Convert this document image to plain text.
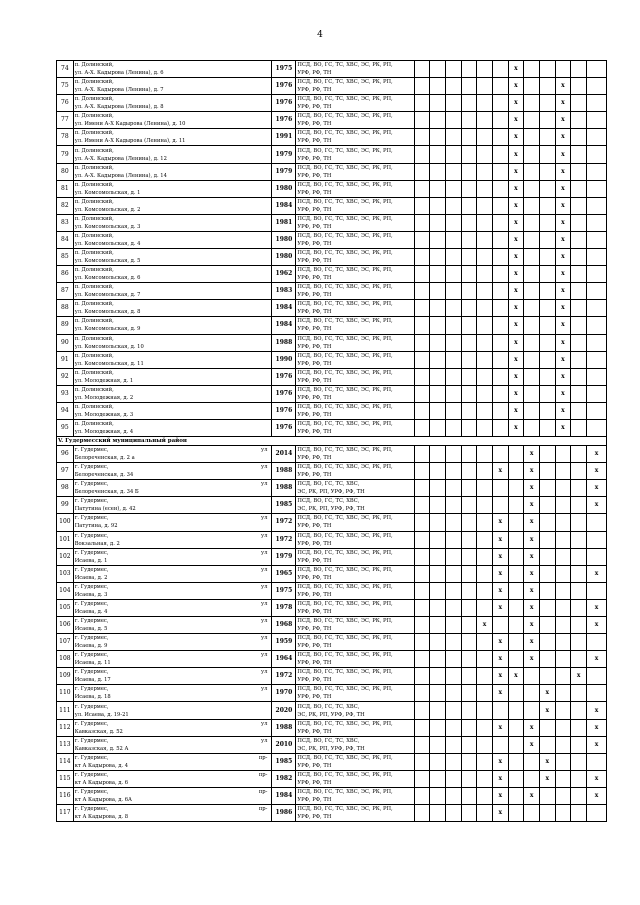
4
74	п. Долинский,
ул. А-Х. Кадырова (Ленина), д. 6	1975	ПСД, ВО, ГС, ТС, ХВС, ЭС, РК, РП,
УРФ, РФ, ТН							х					
75	п. Долинский,
ул. А-Х. Кадырова (Ленина), д. 7	1976	ПСД, ВО, ГС, ТС, ХВС, ЭС, РК, РП,
УРФ, РФ, ТН							х			х		
76	п. Долинский,
ул. А-Х. Кадырова (Ленина), д. 8	1976	ПСД, ВО, ГС, ТС, ХВС, ЭС, РК, РП,
УРФ, РФ, ТН							х			х		
77	п. Долинский,
ул. Имени А-Х Кадырова (Ленина), д. 10	1976	ПСД, ВО, ГС, ТС, ХВС, ЭС, РК, РП,
УРФ, РФ, ТН							х			х		
78	п. Долинский,
ул. Имени А-Х Кадырова (Ленина), д. 11	1991	ПСД, ВО, ГС, ТС, ХВС, ЭС, РК, РП,
УРФ, РФ, ТН							х			х		
79	п. Долинский,
ул. А-Х. Кадырова (Ленина), д. 12	1979	ПСД, ВО, ГС, ТС, ХВС, ЭС, РК, РП,
УРФ, РФ, ТН							х			х		
80	п. Долинский,
ул. А-Х. Кадырова (Ленина), д. 14	1979	ПСД, ВО, ГС, ТС, ХВС, ЭС, РК, РП,
УРФ, РФ, ТН							х			х		
81	п. Долинский,
ул. Комсомольская, д. 1	1980	ПСД, ВО, ГС, ТС, ХВС, ЭС, РК, РП,
УРФ, РФ, ТН							х			х		
82	п. Долинский,
ул. Комсомольская, д. 2	1984	ПСД, ВО, ГС, ТС, ХВС, ЭС, РК, РП,
УРФ, РФ, ТН							х			х		
83	п. Долинский,
ул. Комсомольская, д. 3	1981	ПСД, ВО, ГС, ТС, ХВС, ЭС, РК, РП,
УРФ, РФ, ТН							х			х		
84	п. Долинский,
ул. Комсомольская, д. 4	1980	ПСД, ВО, ГС, ТС, ХВС, ЭС, РК, РП,
УРФ, РФ, ТН							х			х		
85	п. Долинский,
ул. Комсомольская, д. 5	1980	ПСД, ВО, ГС, ТС, ХВС, ЭС, РК, РП,
УРФ, РФ, ТН							х			х		
86	п. Долинский,
ул. Комсомольская, д. 6	1962	ПСД, ВО, ГС, ТС, ХВС, ЭС, РК, РП,
УРФ, РФ, ТН							х			х		
87	п. Долинский,
ул. Комсомольская, д. 7	1983	ПСД, ВО, ГС, ТС, ХВС, ЭС, РК, РП,
УРФ, РФ, ТН							х			х		
88	п. Долинский,
ул. Комсомольская, д. 8	1984	ПСД, ВО, ГС, ТС, ХВС, ЭС, РК, РП,
УРФ, РФ, ТН							х			х		
89	п. Долинский,
ул. Комсомольская, д. 9	1984	ПСД, ВО, ГС, ТС, ХВС, ЭС, РК, РП,
УРФ, РФ, ТН							х			х		
90	п. Долинский,
ул. Комсомольская, д. 10	1988	ПСД, ВО, ГС, ТС, ХВС, ЭС, РК, РП,
УРФ, РФ, ТН							х			х		
91	п. Долинский,
ул. Комсомольская, д. 11	1990	ПСД, ВО, ГС, ТС, ХВС, ЭС, РК, РП,
УРФ, РФ, ТН							х			х		
92	п. Долинский,
ул. Молодежная, д. 1	1976	ПСД, ВО, ГС, ТС, ХВС, ЭС, РК, РП,
УРФ, РФ, ТН							х			х		
93	п. Долинский,
ул. Молодежная, д. 2	1976	ПСД, ВО, ГС, ТС, ХВС, ЭС, РК, РП,
УРФ, РФ, ТН							х			х		
94	п. Долинский,
ул. Молодежная, д. 3	1976	ПСД, ВО, ГС, ТС, ХВС, ЭС, РК, РП,
УРФ, РФ, ТН							х			х		
95	п. Долинский,
ул. Молодежная, д. 4	1976	ПСД, ВО, ГС, ТС, ХВС, ЭС, РК, РП,
УРФ, РФ, ТН							х			х		
V. Гудермесский муниципальный район															
96	ул
г. Гудермес,
Белореченская, д. 2 а	2014	ПСД, ВО, ГС, ТС, ХВС, ЭС, РК, РП,
УРФ, РФ, ТН								х				х
97	ул
г. Гудермес,
Белореченская, д. 34	1988	ПСД, ВО, ГС, ТС, ХВС, ЭС, РК, РП,
УРФ, РФ, ТН						х		х				х
98	ул
г. Гудермес,
Белореченская, д. 34 Б	1988	ПСД, ВО, ГС, ТС, ХВС,
ЭС, РК, РП, УРФ, РФ, ТН								х				х
99	г. Гудермес,
Патутина (есен), д. 42	1985	ПСД, ВО, ГС, ТС, ХВС,
ЭС, РК, РП, УРФ, РФ, ТН								х				х
100	ул
г. Гудермес,
Патутина, д. 92	1972	ПСД, ВО, ГС, ТС, ХВС, ЭС, РК, РП,
УРФ, РФ, ТН						х		х				
101	ул
г. Гудермес,
Вокзальная, д. 2	1972	ПСД, ВО, ГС, ТС, ХВС, ЭС, РК, РП,
УРФ, РФ, ТН						х		х				
102	ул
г. Гудермес,
Исаева, д. 1	1979	ПСД, ВО, ГС, ТС, ХВС, ЭС, РК, РП,
УРФ, РФ, ТН						х		х				
103	ул
г. Гудермес,
Исаева, д. 2	1965	ПСД, ВО, ГС, ТС, ХВС, ЭС, РК, РП,
УРФ, РФ, ТН						х		х				х
104	ул
г. Гудермес,
Исаева, д. 3	1975	ПСД, ВО, ГС, ТС, ХВС, ЭС, РК, РП,
УРФ, РФ, ТН						х		х				
105	ул
г. Гудермес,
Исаева, д. 4	1978	ПСД, ВО, ГС, ТС, ХВС, ЭС, РК, РП,
УРФ, РФ, ТН						х		х				х
106	ул
г. Гудермес,
Исаева, д. 5	1968	ПСД, ВО, ГС, ТС, ХВС, ЭС, РК, РП,
УРФ, РФ, ТН					х			х				х
107	ул
г. Гудермес,
Исаева, д. 9	1959	ПСД, ВО, ГС, ТС, ХВС, ЭС, РК, РП,
УРФ, РФ, ТН						х		х				
108	ул
г. Гудермес,
Исаева, д. 11	1964	ПСД, ВО, ГС, ТС, ХВС, ЭС, РК, РП,
УРФ, РФ, ТН						х		х				х
109	ул
г. Гудермес,
Исаева, д. 17	1972	ПСД, ВО, ГС, ТС, ХВС, ЭС, РК, РП,
УРФ, РФ, ТН						х	х				х	
110	ул
г. Гудермес,
Исаева, д. 18	1970	ПСД, ВО, ГС, ТС, ХВС, ЭС, РК, РП,
УРФ, РФ, ТН						х			х			
111	г. Гудермес,
ул. Исаева, д. 19-21	2020	ПСД, ВО, ГС, ТС, ХВС,
ЭС, РК, РП, УРФ, РФ, ТН									х			х
112	ул
г. Гудермес,
Кавказская, д. 52	1988	ПСД, ВО, ГС, ТС, ХВС, ЭС, РК, РП,
УРФ, РФ, ТН						х		х				х
113	ул
г. Гудермес,
Кавказская, д. 52 А	2010	ПСД, ВО, ГС, ТС, ХВС,
ЭС, РК, РП, УРФ, РФ, ТН								х				х
114	пр-
г. Гудермес,
кт А Кадырова, д. 4	1985	ПСД, ВО, ГС, ТС, ХВС, ЭС, РК, РП,
УРФ, РФ, ТН						х			х			
115	пр-
г. Гудермес,
кт А Кадырова, д. 6	1982	ПСД, ВО, ГС, ТС, ХВС, ЭС, РК, РП,
УРФ, РФ, ТН						х			х			х
116	пр-
г. Гудермес,
кт А Кадырова, д. 6А	1984	ПСД, ВО, ГС, ТС, ХВС, ЭС, РК, РП,
УРФ, РФ, ТН						х		х				х
117	пр-
г. Гудермес,
кт А Кадырова, д. 8	1986	ПСД, ВО, ГС, ТС, ХВС, ЭС, РК, РП,
УРФ, РФ, ТН						х						
